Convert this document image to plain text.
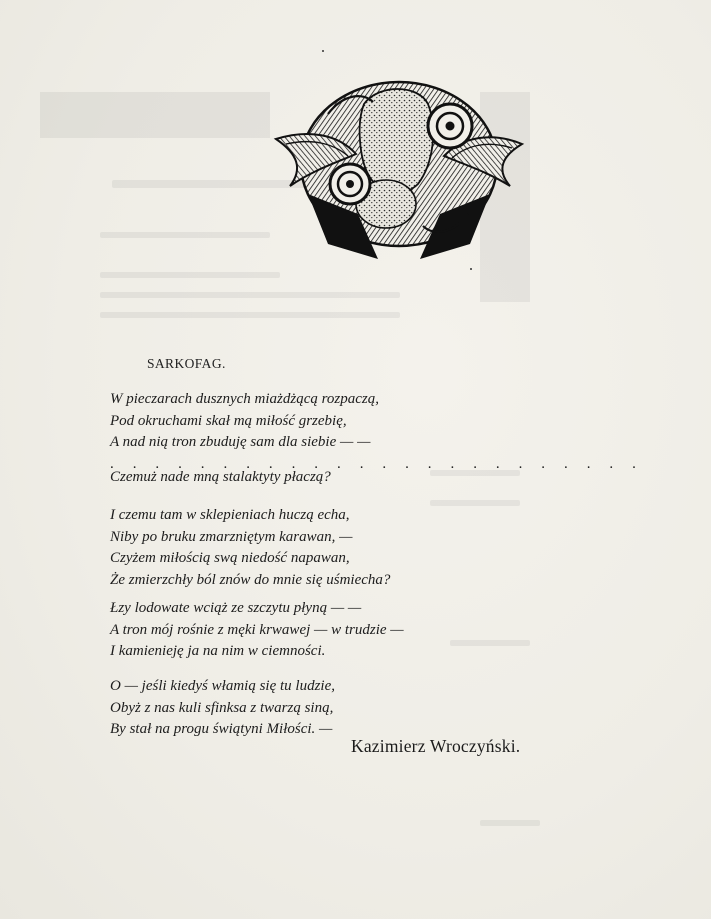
SARKOFAG.

W pieczarach dusznych miażdżącą rozpaczą,
Pod okruchami skał mą miłość grzebię,
A nad nią tron zbuduję sam dla siebie — —

. . . . . . . . . . . . . . . . . . . . . . . .

Czemuż nade mną stalaktyty płaczą?

I czemu tam w sklepieniach huczą echa,
Niby po bruku zmarzniętym karawan, —
Czyżem miłością swą niedość napawan,
Że zmierzchły ból znów do mnie się uśmiecha?

Łzy lodowate wciąż ze szczytu płyną — —
A tron mój rośnie z męki krwawej — w trudzie —
I kamienieję ja na nim w ciemności.

O — jeśli kiedyś włamią się tu ludzie,
Obyż z nas kuli sfinksa z twarzą siną,
By stał na progu świątyni Miłości. —

Kazimierz Wroczyński.
